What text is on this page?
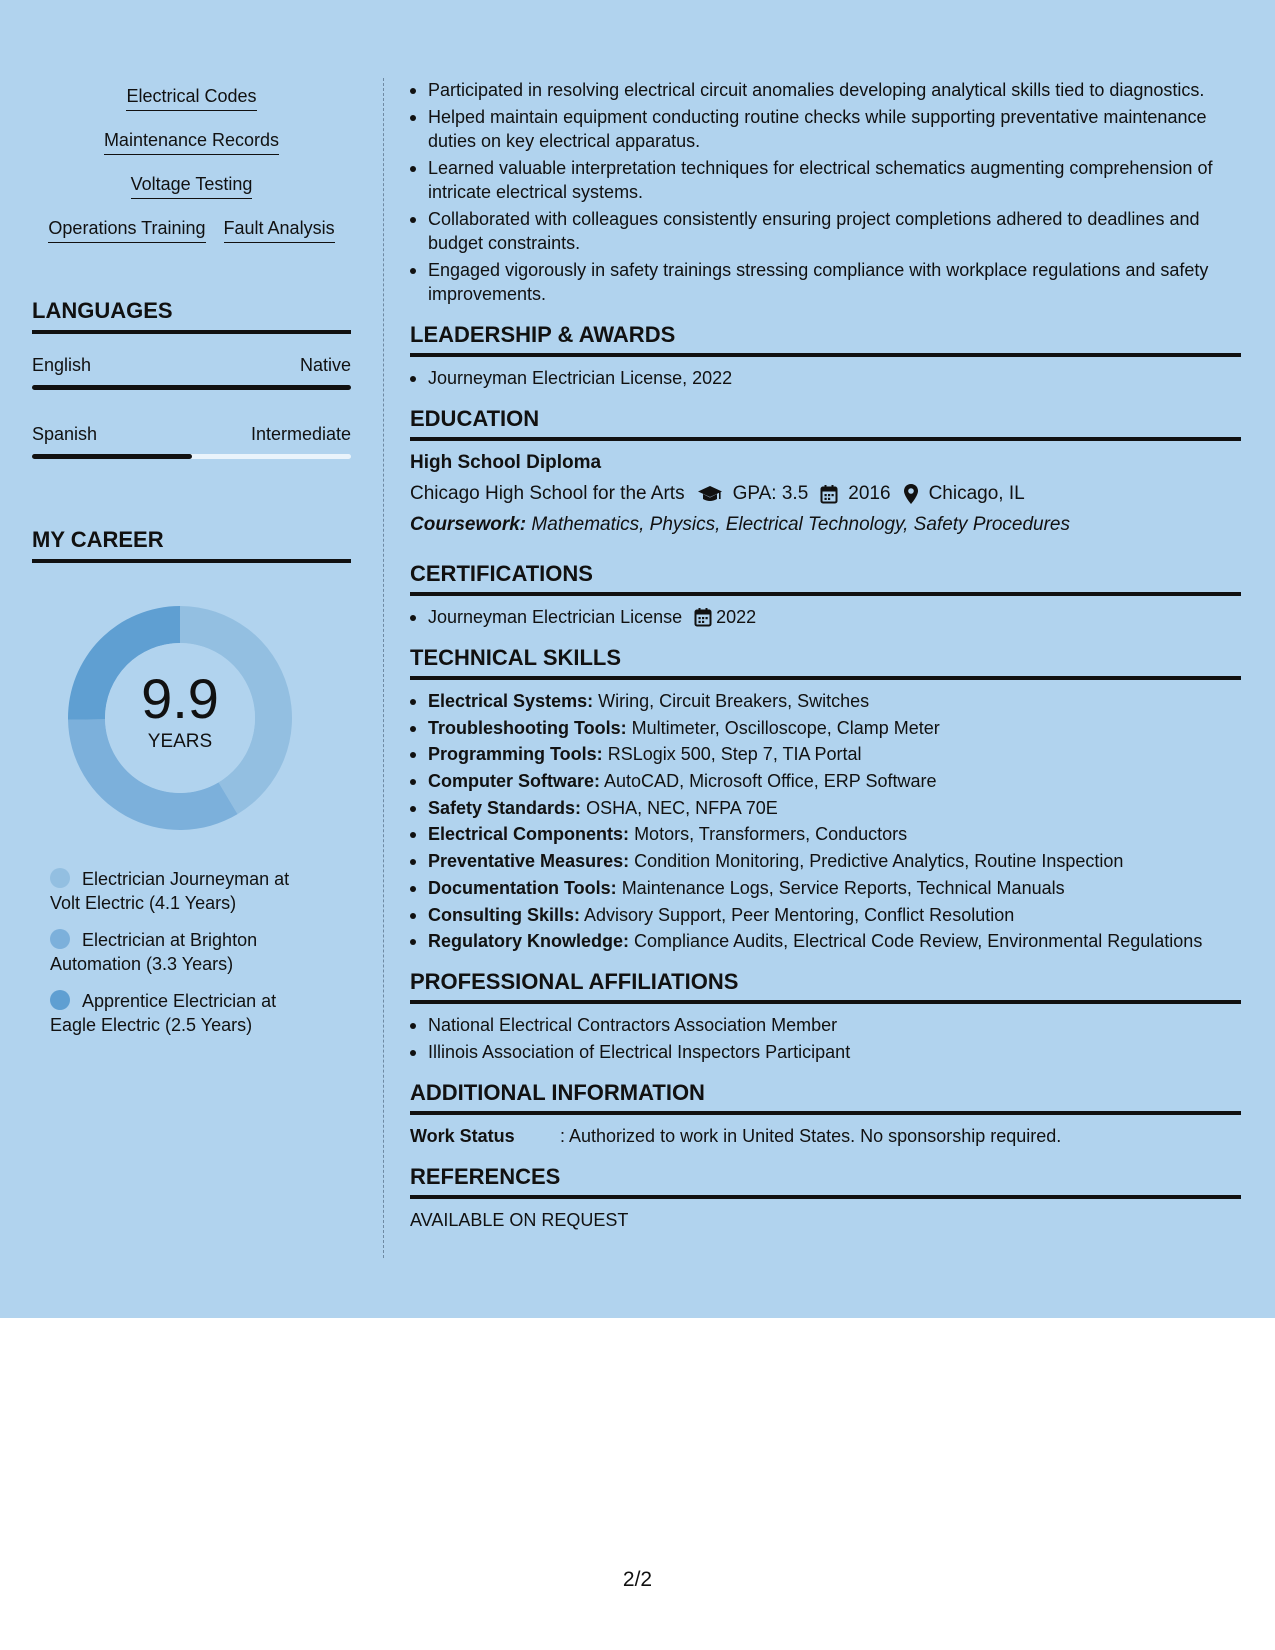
Electrical Codes
Maintenance Records
Voltage Testing
Operations Training Fault Analysis
LANGUAGES
English	Native
Spanish	Intermediate
MY CAREER
9.9
YEARS
Electrician Journeyman at Volt Electric (4.1 Years)
Electrician at Brighton Automation (3.3 Years)
Apprentice Electrician at Eagle Electric (2.5 Years)
Participated in resolving electrical circuit anomalies developing analytical skills tied to diagnostics.
Helped maintain equipment conducting routine checks while supporting preventative maintenance duties on key electrical apparatus.
Learned valuable interpretation techniques for electrical schematics augmenting comprehension of intricate electrical systems.
Collaborated with colleagues consistently ensuring project completions adhered to deadlines and budget constraints.
Engaged vigorously in safety trainings stressing compliance with workplace regulations and safety improvements.
LEADERSHIP & AWARDS
Journeyman Electrician License, 2022
EDUCATION
High School Diploma
Chicago High School for the Arts	GPA: 3.5 2016 Chicago, IL
Coursework: Mathematics, Physics, Electrical Technology, Safety Procedures
CERTIFICATIONS
Journeyman Electrician License 2022
TECHNICAL SKILLS
Electrical Systems: Wiring, Circuit Breakers, Switches
Troubleshooting Tools: Multimeter, Oscilloscope, Clamp Meter
Programming Tools: RSLogix 500, Step 7, TIA Portal
Computer Software: AutoCAD, Microsoft Office, ERP Software
Safety Standards: OSHA, NEC, NFPA 70E
Electrical Components: Motors, Transformers, Conductors
Preventative Measures: Condition Monitoring, Predictive Analytics, Routine Inspection
Documentation Tools: Maintenance Logs, Service Reports, Technical Manuals
Consulting Skills: Advisory Support, Peer Mentoring, Conflict Resolution
Regulatory Knowledge: Compliance Audits, Electrical Code Review, Environmental Regulations
PROFESSIONAL AFFILIATIONS
National Electrical Contractors Association Member
Illinois Association of Electrical Inspectors Participant
ADDITIONAL INFORMATION
Work Status	: Authorized to work in United States. No sponsorship required.
REFERENCES
AVAILABLE ON REQUEST
2/2
